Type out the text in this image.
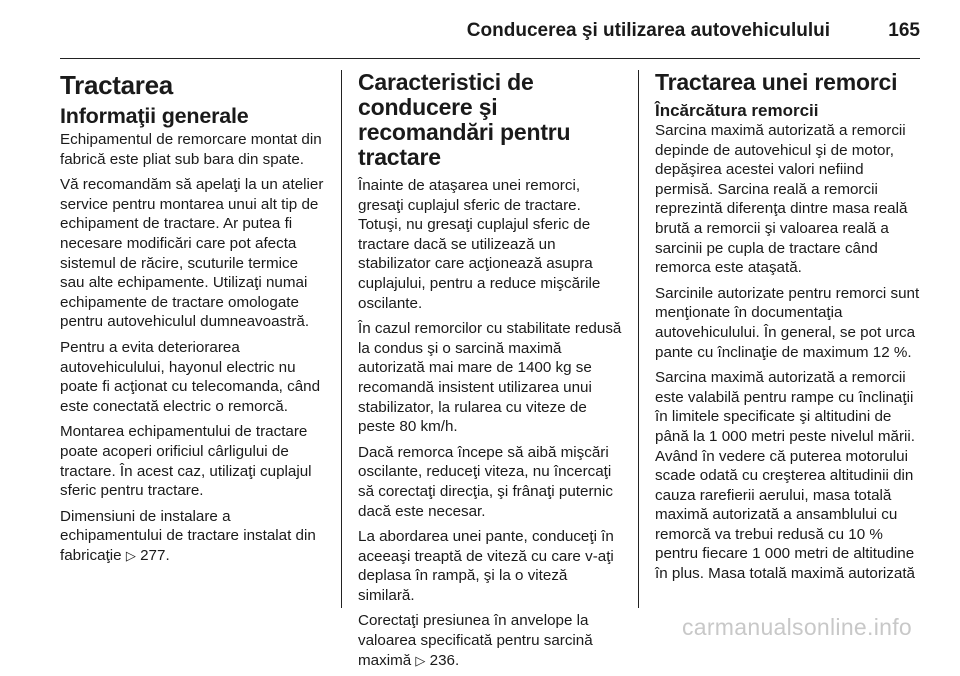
Conducerea şi utilizarea autovehiculului	165
Tractarea
Informaţii generale

Echipamentul de remorcare montat din fabrică este pliat sub bara din spate.

Vă recomandăm să apelaţi la un atelier service pentru montarea unui alt tip de echipament de tractare. Ar putea fi necesare modificări care pot afecta sistemul de răcire, scuturile termice sau alte echipamente. Utilizaţi numai echipamente de tractare omologate pentru autovehiculul dumneavoastră.

Pentru a evita deteriorarea autovehiculului, hayonul electric nu poate fi acţionat cu telecomanda, când este conectată electric o remorcă.

Montarea echipamentului de tractare poate acoperi orificiul cârligului de tractare. În acest caz, utilizaţi cuplajul sferic pentru tractare.

Dimensiuni de instalare a echipamentului de tractare instalat din fabricaţie ▷ 277.

Caracteristici de conducere şi recomandări pentru tractare

Înainte de ataşarea unei remorci, gresaţi cuplajul sferic de tractare. Totuşi, nu gresaţi cuplajul sferic de tractare dacă se utilizează un stabilizator care acţionează asupra cuplajului, pentru a reduce mişcările oscilante.

În cazul remorcilor cu stabilitate redusă la condus şi o sarcină maximă autorizată mai mare de 1400 kg se recomandă insistent utilizarea unui stabilizator, la rularea cu viteze de peste 80 km/h.

Dacă remorca începe să aibă mişcări oscilante, reduceţi viteza, nu încercaţi să corectaţi direcţia, şi frânaţi puternic dacă este necesar.

La abordarea unei pante, conduceţi în aceeaşi treaptă de viteză cu care v-aţi deplasa în rampă, şi la o viteză similară.

Corectaţi presiunea în anvelope la valoarea specificată pentru sarcină maximă ▷ 236.

Tractarea unei remorci
Încărcătura remorcii

Sarcina maximă autorizată a remorcii depinde de autovehicul şi de motor, depăşirea acestei valori nefiind permisă. Sarcina reală a remorcii reprezintă diferenţa dintre masa reală brută a remorcii şi valoarea reală a sarcinii pe cupla de tractare când remorca este ataşată.

Sarcinile autorizate pentru remorci sunt menţionate în documentaţia autovehiculului. În general, se pot urca pante cu înclinaţie de maximum 12 %.

Sarcina maximă autorizată a remorcii este valabilă pentru rampe cu înclinaţii în limitele specificate şi altitudini de până la 1 000 metri peste nivelul mării. Având în vedere că puterea motorului scade odată cu creşterea altitudinii din cauza rarefierii aerului, masa totală maximă autorizată a ansamblului cu remorcă va trebui redusă cu 10 % pentru fiecare 1 000 metri de altitudine în plus. Masa totală maximă autorizată

carmanualsonline.info
